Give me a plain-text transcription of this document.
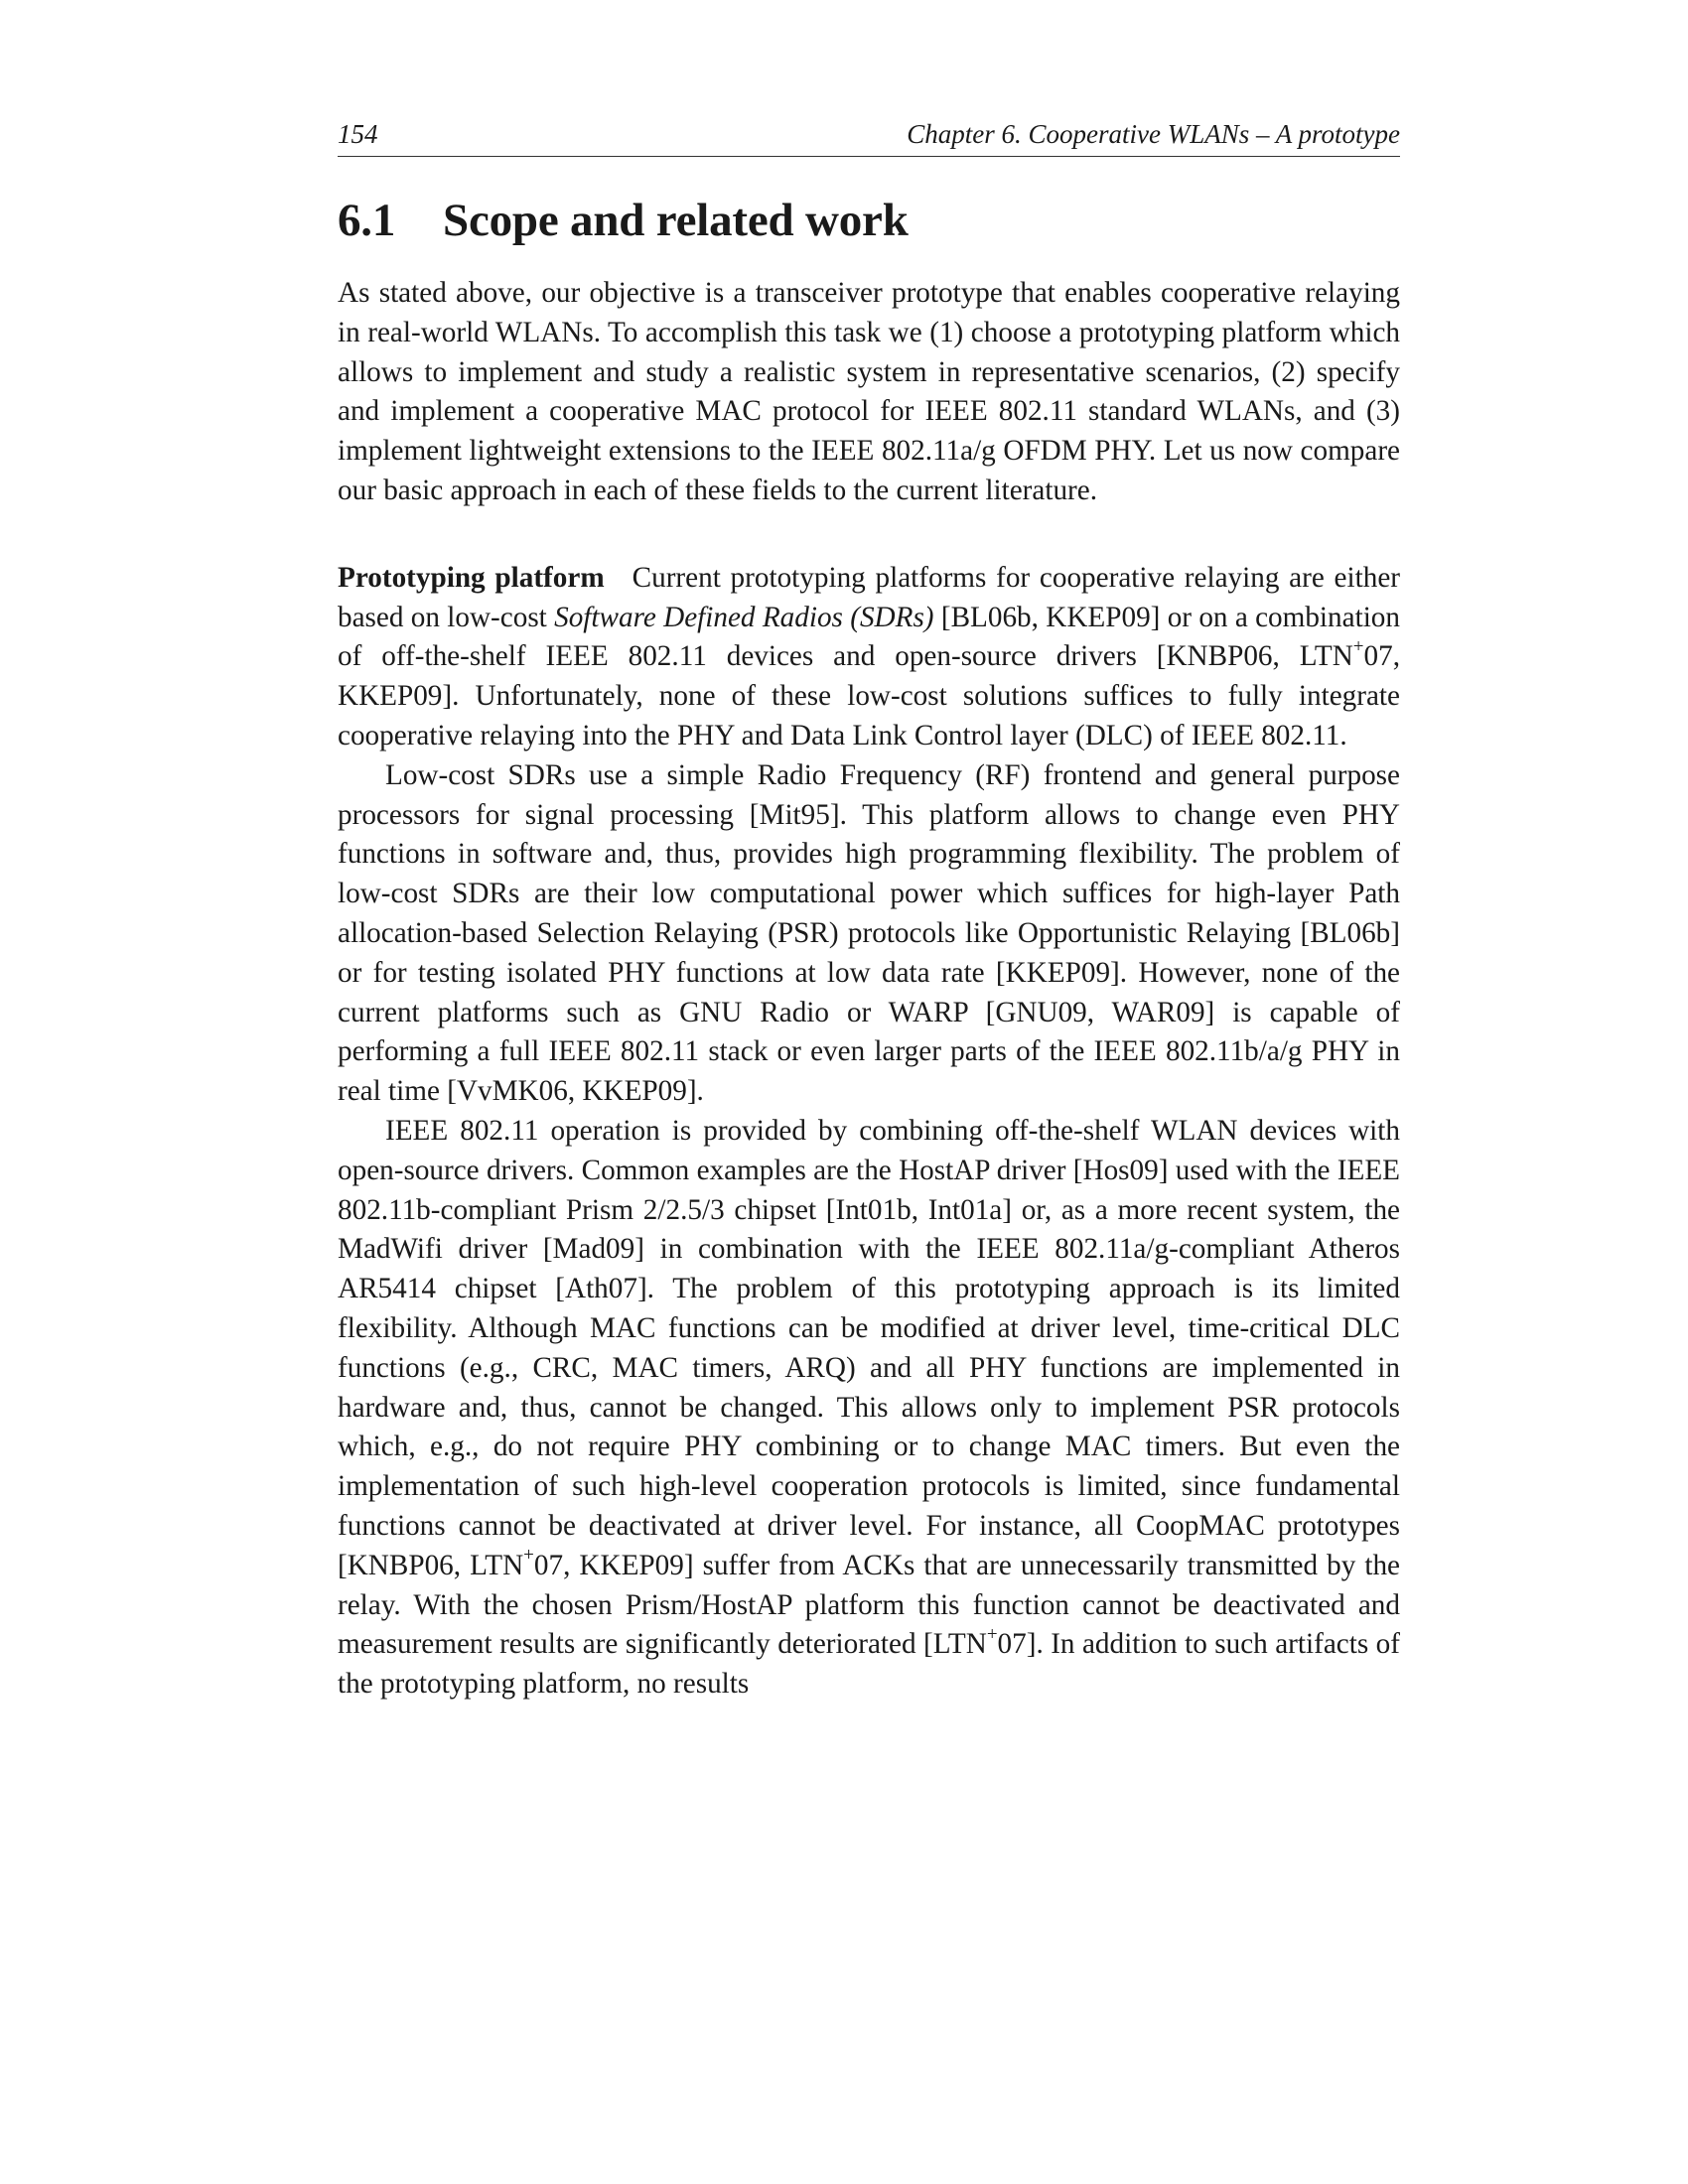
154	Chapter 6. Cooperative WLANs – A prototype
6.1 Scope and related work

As stated above, our objective is a transceiver prototype that enables cooperative relaying in real-world WLANs. To accomplish this task we (1) choose a prototyping platform which allows to implement and study a realistic system in representative scenarios, (2) specify and implement a cooperative MAC protocol for IEEE 802.11 standard WLANs, and (3) implement lightweight extensions to the IEEE 802.11a/g OFDM PHY. Let us now compare our basic approach in each of these fields to the current literature.

Prototyping platform Current prototyping platforms for cooperative relaying are either based on low-cost Software Defined Radios (SDRs) [BL06b, KKEP09] or on a combination of off-the-shelf IEEE 802.11 devices and open-source drivers [KNBP06, LTN+07, KKEP09]. Unfortunately, none of these low-cost solutions suffices to fully integrate cooperative relaying into the PHY and Data Link Control layer (DLC) of IEEE 802.11.

Low-cost SDRs use a simple Radio Frequency (RF) frontend and general purpose processors for signal processing [Mit95]. This platform allows to change even PHY functions in software and, thus, provides high programming flexibility. The problem of low-cost SDRs are their low computational power which suffices for high-layer Path allocation-based Selection Relaying (PSR) protocols like Opportunistic Relaying [BL06b] or for testing isolated PHY functions at low data rate [KKEP09]. However, none of the current platforms such as GNU Radio or WARP [GNU09, WAR09] is capable of performing a full IEEE 802.11 stack or even larger parts of the IEEE 802.11b/a/g PHY in real time [VvMK06, KKEP09].

IEEE 802.11 operation is provided by combining off-the-shelf WLAN devices with open-source drivers. Common examples are the HostAP driver [Hos09] used with the IEEE 802.11b-compliant Prism 2/2.5/3 chipset [Int01b, Int01a] or, as a more recent system, the MadWifi driver [Mad09] in combination with the IEEE 802.11a/g-compliant Atheros AR5414 chipset [Ath07]. The problem of this prototyping approach is its limited flexibility. Although MAC functions can be modified at driver level, time-critical DLC functions (e.g., CRC, MAC timers, ARQ) and all PHY functions are implemented in hardware and, thus, cannot be changed. This allows only to implement PSR protocols which, e.g., do not require PHY combining or to change MAC timers. But even the implementation of such high-level cooperation protocols is limited, since fundamental functions cannot be deactivated at driver level. For instance, all CoopMAC prototypes [KNBP06, LTN+07, KKEP09] suffer from ACKs that are unnecessarily transmitted by the relay. With the chosen Prism/HostAP platform this function cannot be deactivated and measurement results are significantly deteriorated [LTN+07]. In addition to such artifacts of the prototyping platform, no results
